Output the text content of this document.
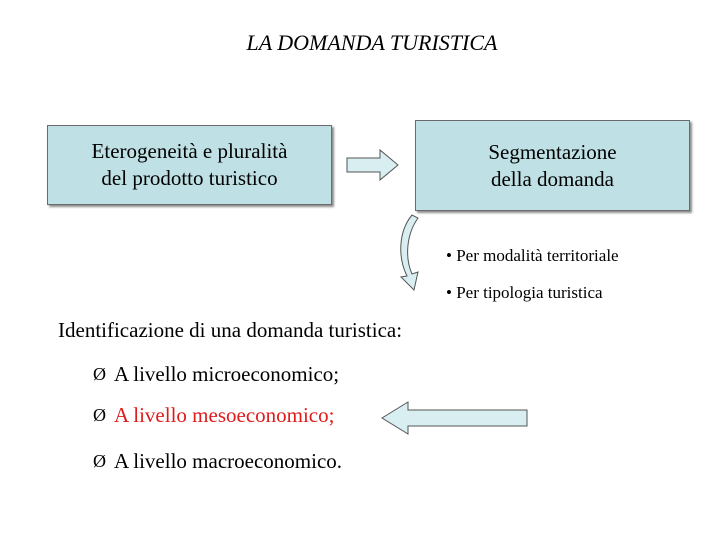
LA DOMANDA TURISTICA
Eterogeneità e pluralità
del prodotto turistico
Segmentazione
della domanda
• Per modalità territoriale
• Per tipologia turistica
Identificazione di una domanda turistica:
Ø A livello microeconomico;
Ø A livello mesoeconomico;
Ø A livello macroeconomico.
